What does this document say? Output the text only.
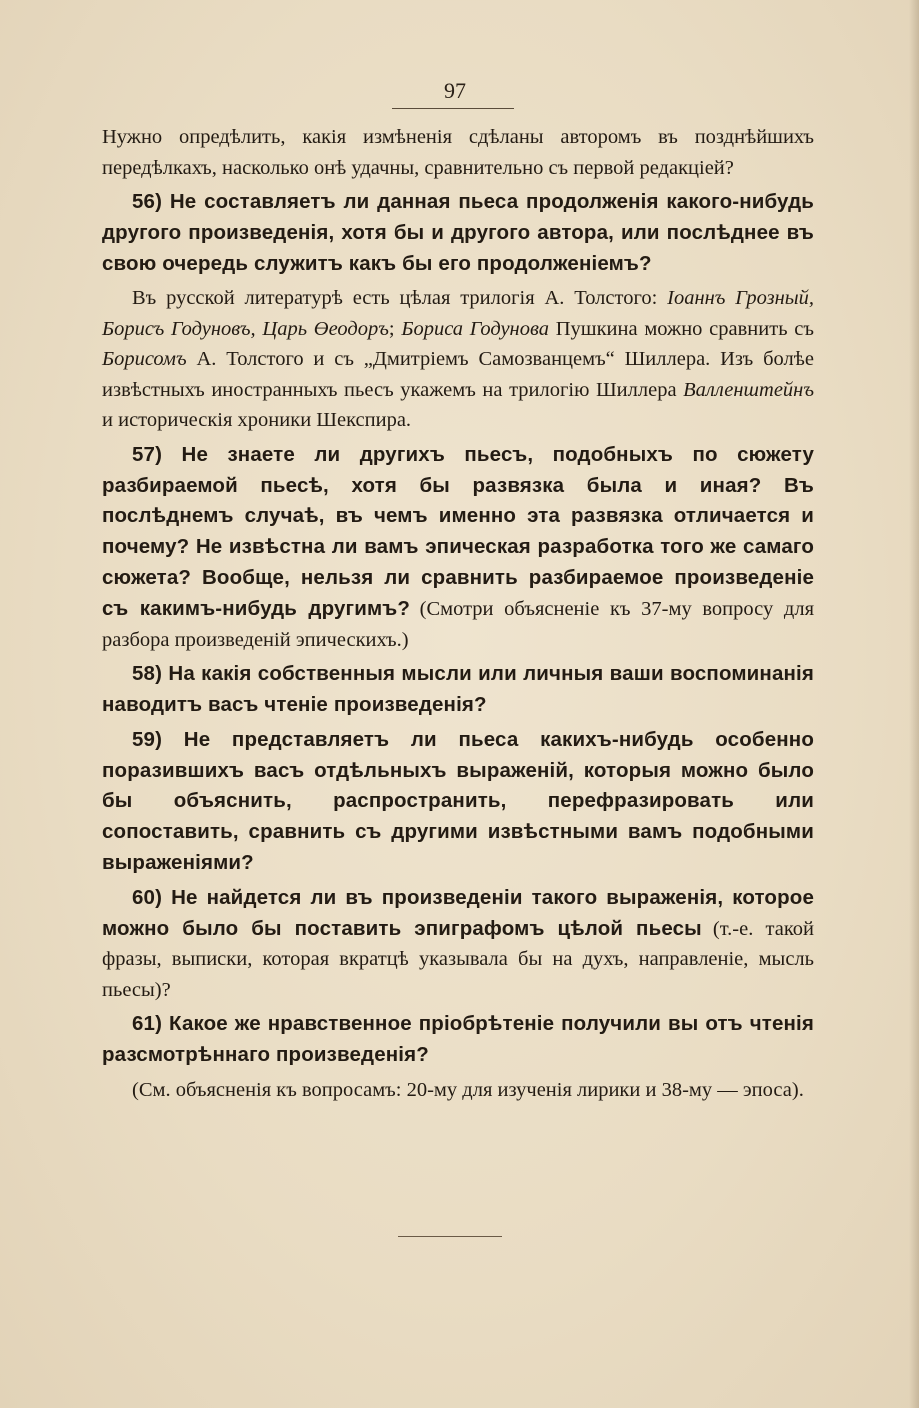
97

Нужно опредѣлить, какія измѣненія сдѣланы авторомъ въ позднѣйшихъ передѣлкахъ, насколько онѣ удачны, сравнительно съ первой редакціей?

56) Не составляетъ ли данная пьеса продолженія какого-нибудь другого произведенія, хотя бы и другого автора, или послѣднее въ свою очередь служитъ какъ бы его продолженіемъ?

Въ русской литературѣ есть цѣлая трилогія А. Толстого: Іоаннъ Грозный, Борисъ Годуновъ, Царь Өеодоръ; Бориса Годунова Пушкина можно сравнить съ Борисомъ А. Толстого и съ „Дмитріемъ Самозванцемъ“ Шиллера. Изъ болѣе извѣстныхъ иностранныхъ пьесъ укажемъ на трилогію Шиллера Валленштейнъ и историческія хроники Шекспира.

57) Не знаете ли другихъ пьесъ, подобныхъ по сюжету разбираемой пьесѣ, хотя бы развязка была и иная? Въ послѣднемъ случаѣ, въ чемъ именно эта развязка отличается и почему? Не извѣстна ли вамъ эпическая разработка того же самаго сюжета? Вообще, нельзя ли сравнить разбираемое произведеніе съ какимъ-нибудь другимъ? (Смотри объясненіе къ 37-му вопросу для разбора произведеній эпическихъ.)

58) На какія собственныя мысли или личныя ваши воспоминанія наводитъ васъ чтеніе произведенія?

59) Не представляетъ ли пьеса какихъ-нибудь особенно поразившихъ васъ отдѣльныхъ выраженій, которыя можно было бы объяснить, распространить, перефразировать или сопоставить, сравнить съ другими извѣстными вамъ подобными выраженіями?

60) Не найдется ли въ произведеніи такого выраженія, которое можно было бы поставить эпиграфомъ цѣлой пьесы (т.-е. такой фразы, выписки, которая вкратцѣ указывала бы на духъ, направленіе, мысль пьесы)?

61) Какое же нравственное пріобрѣтеніе получили вы отъ чтенія разсмотрѣннаго произведенія?

(См. объясненія къ вопросамъ: 20-му для изученія лирики и 38-му — эпоса).
